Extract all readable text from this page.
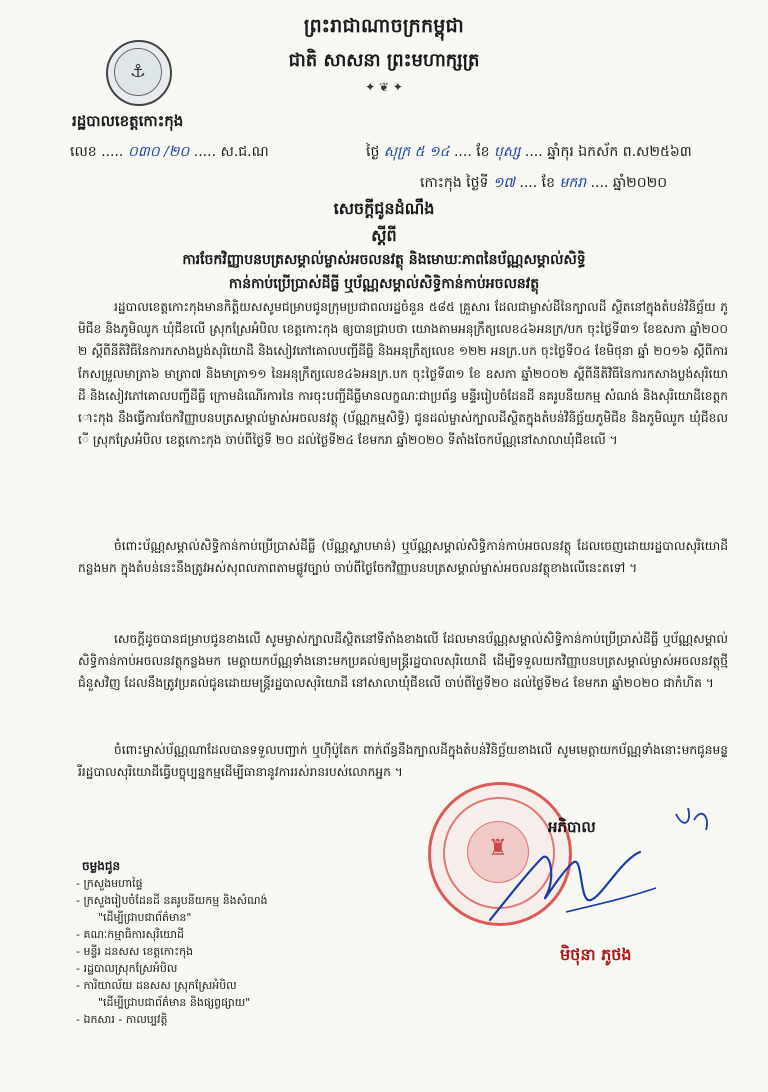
⚓
ព្រះរាជាណាចក្រកម្ពុជា
ជាតិ សាសនា ព្រះមហាក្សត្រ
✦ ❦ ✦
រដ្ឋបាលខេត្តកោះកុង
លេខ ..... ០៣០ /២០ ..... ស.ជ.ណ	ថ្ងៃ សុក្រ ៥ ១៤ .... ខែ បុស្ស .... ឆ្នាំកុរ ឯកស័ក ព.ស២៥៦៣
កោះកុង ថ្ងៃទី ១៧ .... ខែ មករា .... ឆ្នាំ២០២០
សេចក្តីជូនដំណឹង
ស្តីពី
ការចែកវិញ្ញាបនបត្រសម្គាល់ម្ចាស់អចលនវត្ថុ និងមោឃៈភាពនៃប័ណ្ណសម្គាល់សិទ្ធិ
កាន់កាប់ប្រើប្រាស់ដីធ្លី ឬប័ណ្ណសម្គាល់សិទ្ធិកាន់កាប់អចលនវត្ថុ
រដ្ឋបាលខេត្តកោះកុងមានកិត្តិយសសូមជម្រាបជូនក្រុមប្រជាពលរដ្ឋចំនួន ៥៨៥ គ្រួសារ ដែលជាម្ចាស់ដីនៃក្បាលដី ស្ថិតនៅក្នុងតំបន់វិនិច្ឆ័យ ភូមិជីខ និងភូមិឈូក ឃុំជីខលើ ស្រុកស្រែអំបិល ខេត្តកោះកុង ឲ្យបានជ្រាបថា យោងតាមអនុក្រឹត្យលេខ៤៦អនក្រ/បក ចុះថ្ងៃទី៣១ ខែឧសភា ឆ្នាំ២០០២ ស្តីពីនីតិវិធីនៃការកសាងប្លង់សុរិយោដី និងសៀវភៅគោលបញ្ជីដីធ្លី និងអនុក្រឹត្យលេខ ១២២ អនក្រ.បក ចុះថ្ងៃទី០៤ ខែមិថុនា ឆ្នាំ ២០១៦ ស្តីពីការកែសម្រួលមាត្រា៦ មាត្រា៧ និងមាត្រា១១ នៃអនុក្រឹត្យលេខ៤៦អនក្រ.បក ចុះថ្ងៃទី៣១ ខែ ឧសភា ឆ្នាំ២០០២ ស្តីពីនីតិវិធីនៃការកសាងប្លង់សុរិយោដី និងសៀវភៅគោលបញ្ជីដីធ្លី ក្រោមដំណើរការនៃ ការចុះបញ្ជីដីធ្លីមានលក្ខណៈជាប្រព័ន្ធ មន្ទីររៀបចំដែនដី នគរូបនីយកម្ម សំណង់ និងសុរិយោដីខេត្តកោះកុង នឹងធ្វើការចែកវិញ្ញាបនបត្រសម្គាល់ម្ចាស់អចលនវត្ថុ (ប័ណ្ណកម្មសិទ្ធិ) ជូនដល់ម្ចាស់ក្បាលដីស្ថិតក្នុងតំបន់វិនិច្ឆ័យភូមិជីខ និងភូមិឈូក ឃុំជីខលើ ស្រុកស្រែអំបិល ខេត្តកោះកុង ចាប់ពីថ្ងៃទី ២០ ដល់ថ្ងៃទី២៤ ខែមករា ឆ្នាំ២០២០ ទីតាំងចែកប័ណ្ណនៅសាលាឃុំជីខលើ ។
ចំពោះប័ណ្ណសម្គាល់សិទ្ធិកាន់កាប់ប្រើប្រាស់ដីធ្លី (ប័ណ្ណស្លាបមាន់) ឬប័ណ្ណសម្គាល់សិទ្ធិកាន់កាប់អចលនវត្ថុ ដែលចេញដោយរដ្ឋបាលសុរិយោដីកន្លងមក ក្នុងតំបន់នេះនឹងត្រូវអស់សុពលភាពតាមផ្លូវច្បាប់ ចាប់ពីថ្ងៃចែកវិញ្ញាបនបត្រសម្គាល់ម្ចាស់អចលនវត្ថុខាងលើនេះតទៅ ។
សេចក្តីដូចបានជម្រាបជូនខាងលើ សូមម្ចាស់ក្បាលដីស្ថិតនៅទីតាំងខាងលើ ដែលមានប័ណ្ណសម្គាល់សិទ្ធិកាន់កាប់ប្រើប្រាស់ដីធ្លី ឬប័ណ្ណសម្គាល់សិទ្ធិកាន់កាប់អចលនវត្ថុកន្លងមក មេត្តាយកប័ណ្ណទាំងនោះមកប្រគល់ឲ្យមន្ត្រីរដ្ឋបាលសុរិយោដី ដើម្បីទទួលយកវិញ្ញាបនបត្រសម្គាល់ម្ចាស់អចលនវត្ថុថ្មីជំនួសវិញ ដែលនឹងត្រូវប្រគល់ជូនដោយមន្ត្រីរដ្ឋបាលសុរិយោដី នៅសាលាឃុំជីខលើ ចាប់ពីថ្ងៃទី២០ ដល់ថ្ងៃទី២៤ ខែមករា ឆ្នាំ២០២០ ជាកំហិត ។
ចំពោះម្ចាស់ប័ណ្ណណាដែលបានទទួលបញ្ជាក់ ឬហ៊ីប៉ូតែក ពាក់ព័ន្ធនឹងក្បាលដីក្នុងតំបន់វិនិច្ឆ័យខាងលើ សូមមេត្តាយកប័ណ្ណទាំងនោះមកជូនមន្ត្រីរដ្ឋបាលសុរិយោដីធ្វើបច្ចុប្បន្នកម្មដើម្បីធានានូវការរស់រានរបស់លោកអ្នក ។
♜
អភិបាល
មិថុនា ភូថង
ចម្លងជូន
- ក្រសួងមហាផ្ទៃ
- ក្រសួងរៀបចំដែនដី នគរូបនីយកម្ម និងសំណង់
"ដើម្បីជ្រាបជាព័ត៌មាន"
- គណៈកម្មាធិការសុរិយោដី
- មន្ទីរ ដនសស ខេត្តកោះកុង
- រដ្ឋបាលស្រុកស្រែអំបិល
- ការិយាល័យ ដនសស ស្រុកស្រែអំបិល
"ដើម្បីជ្រាបជាព័ត៌មាន និងផ្សព្វផ្សាយ"
- ឯកសារ - កាលប្បវត្តិ
